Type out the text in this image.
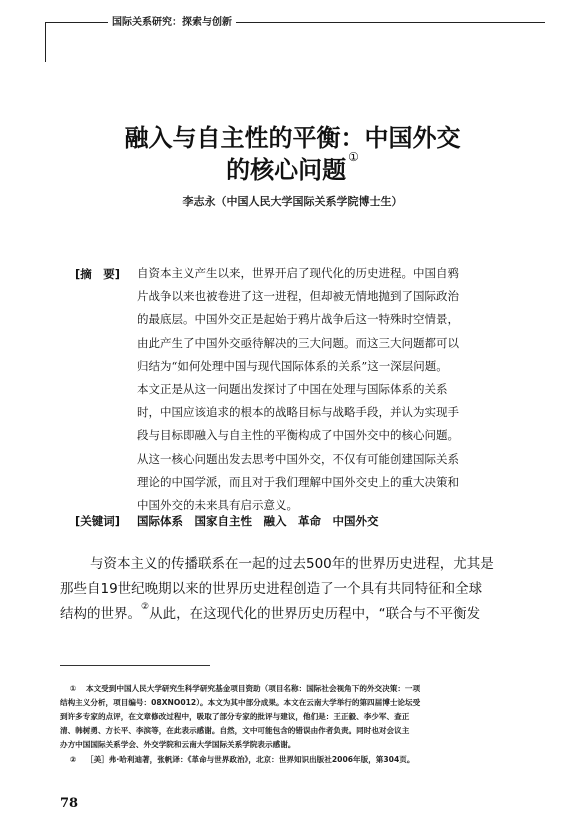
国际关系研究：探索与创新
融入与自主性的平衡：中国外交
的核心问题 ①
李志永（中国人民大学国际关系学院博士生）
[摘　要] 自资本主义产生以来，世界开启了现代化的历史进程。中国自鸦
片战争以来也被卷进了这一进程，但却被无情地抛到了国际政治
的最底层。中国外交正是起始于鸦片战争后这一特殊时空情景，
由此产生了中国外交亟待解决的三大问题。而这三大问题都可以
归结为“如何处理中国与现代国际体系的关系”这一深层问题。
本文正是从这一问题出发探讨了中国在处理与国际体系的关系
时，中国应该追求的根本的战略目标与战略手段，并认为实现手
段与目标即融入与自主性的平衡构成了中国外交中的核心问题。
从这一核心问题出发去思考中国外交，不仅有可能创建国际关系
理论的中国学派，而且对于我们理解中国外交史上的重大决策和
中国外交的未来具有启示意义。
[关键词] 国际体系　国家自主性　融入　革命　中国外交
与资本主义的传播联系在一起的过去500年的世界历史进程，尤其是
那些自19世纪晚期以来的世界历史进程创造了一个具有共同特征和全球
结构的世界。②从此，在这现代化的世界历史历程中，“联合与不平衡发
① 本文受到中国人民大学研究生科学研究基金项目资助（项目名称：国际社会视角下的外交决策：一项
结构主义分析，项目编号：08XNO012）。本文为其中部分成果。本文在云南大学举行的第四届博士论坛受
到许多专家的点评，在文章修改过程中，吸取了部分专家的批评与建议，他们是：王正毅、李少军、查正
清、韩树勇、方长平、李滨等，在此表示感谢。自然，文中可能包含的错误由作者负责。同时也对会议主
办方中国国际关系学会、外交学院和云南大学国际关系学院表示感谢。
② ［美］弗·哈利迪著，张帆译：《革命与世界政治》，北京：世界知识出版社2006年版，第304页。
78
